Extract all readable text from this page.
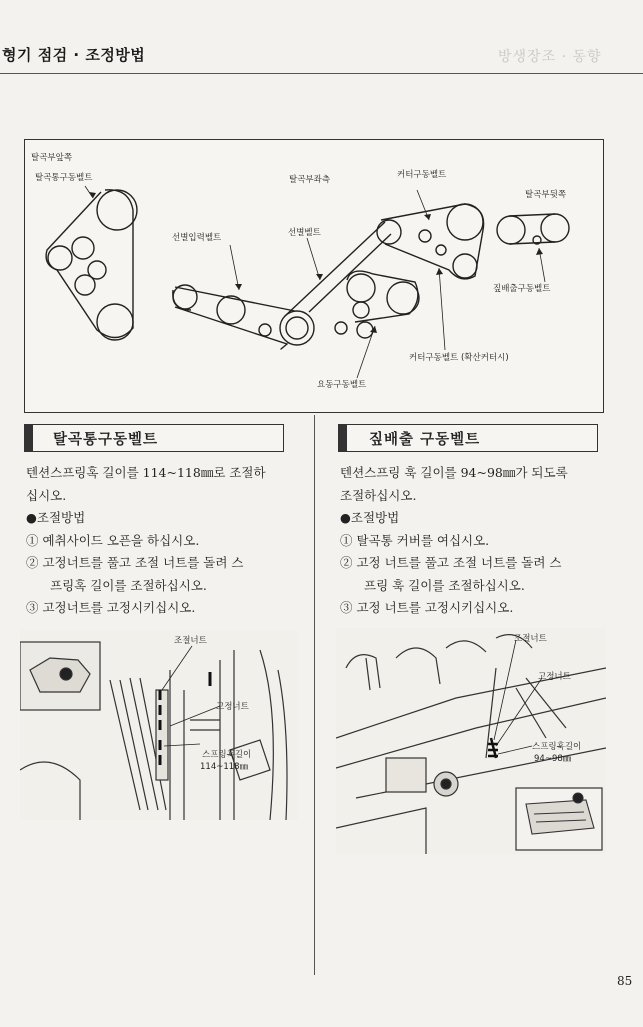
형기 점검 · 조정방법	방생장조 · 동향
탈곡부앞쪽
탈곡통구동벨트	탈곡부좌측	커터구동벨트
탈곡부뒷쪽
선별입력벨트	선별벨트
짚배출구동벨트
커터구동벨트 (확산커터시)
요동구동벨트
탈곡통구동벨트

텐션스프링혹 길이를 114~118㎜로 조절하

십시오.

●조절방법

① 예취사이드 오픈을 하십시오.

② 고정너트를 풀고 조절 너트를 돌려 스

프링혹 길이를 조절하십시오.

③ 고정너트를 고정시키십시오.

조절너트
고정너트
스프링훅길이
114~118㎜
짚배출 구동벨트

텐션스프링 훅 길이를 94~98㎜가 되도록

조절하십시오.

●조절방법

① 탈곡통 커버를 여십시오.

② 고정 너트를 풀고 조절 너트를 돌려 스

프링 훅 길이를 조절하십시오.

③ 고정 너트를 고정시키십시오.

조절너트
고정너트
스프링훅길이
94~98㎜
85
